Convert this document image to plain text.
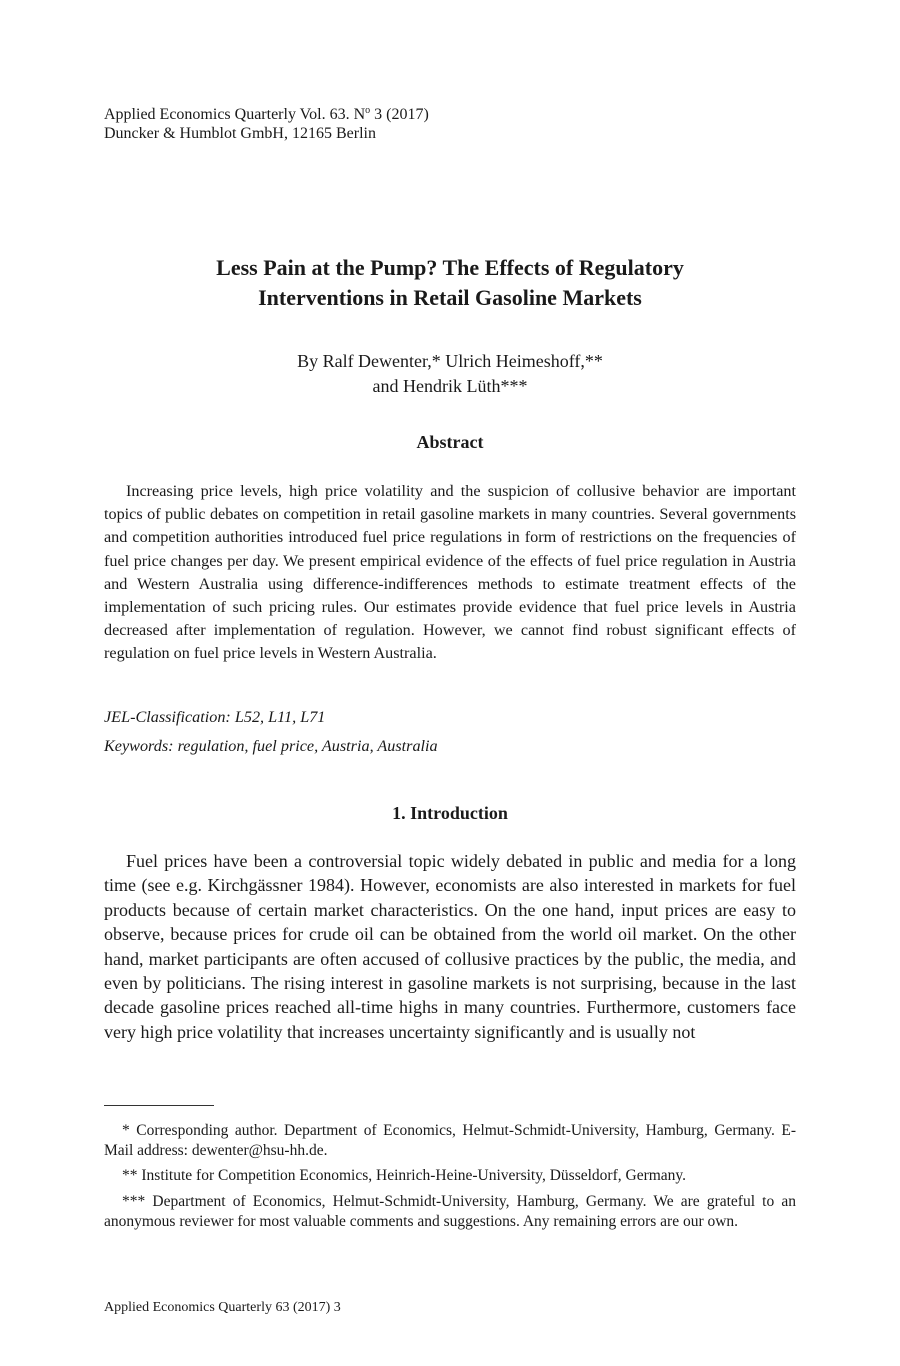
Applied Economics Quarterly Vol. 63. $N^o$ 3 (2017)
Duncker & Humblot GmbH, 12165 Berlin
Less Pain at the Pump? The Effects of Regulatory
Interventions in Retail Gasoline Markets
By Ralf Dewenter,* Ulrich Heimeshoff,**
and Hendrik Lüth***
Abstract

Increasing price levels, high price volatility and the suspicion of collusive behavior are important topics of public debates on competition in retail gasoline markets in many countries. Several governments and competition authorities introduced fuel price regulations in form of restrictions on the frequencies of fuel price changes per day. We present empirical evidence of the effects of fuel price regulation in Austria and Western Australia using difference-indifferences methods to estimate treatment effects of the implementation of such pricing rules. Our estimates provide evidence that fuel price levels in Austria decreased after implementation of regulation. However, we cannot find robust significant effects of regulation on fuel price levels in Western Australia.

JEL-Classification: L52, L11, L71
Keywords: regulation, fuel price, Austria, Australia
1. Introduction

Fuel prices have been a controversial topic widely debated in public and media for a long time (see e.g. Kirchgässner 1984). However, economists are also interested in markets for fuel products because of certain market characteristics. On the one hand, input prices are easy to observe, because prices for crude oil can be obtained from the world oil market. On the other hand, market participants are often accused of collusive practices by the public, the media, and even by politicians. The rising interest in gasoline markets is not surprising, because in the last decade gasoline prices reached all-time highs in many countries. Furthermore, customers face very high price volatility that increases uncertainty significantly and is usually not

* Corresponding author. Department of Economics, Helmut-Schmidt-University, Hamburg, Germany. E-Mail address: dewenter@hsu-hh.de.

** Institute for Competition Economics, Heinrich-Heine-University, Düsseldorf, Germany.

*** Department of Economics, Helmut-Schmidt-University, Hamburg, Germany. We are grateful to an anonymous reviewer for most valuable comments and suggestions. Any remaining errors are our own.

Applied Economics Quarterly 63 (2017) 3
